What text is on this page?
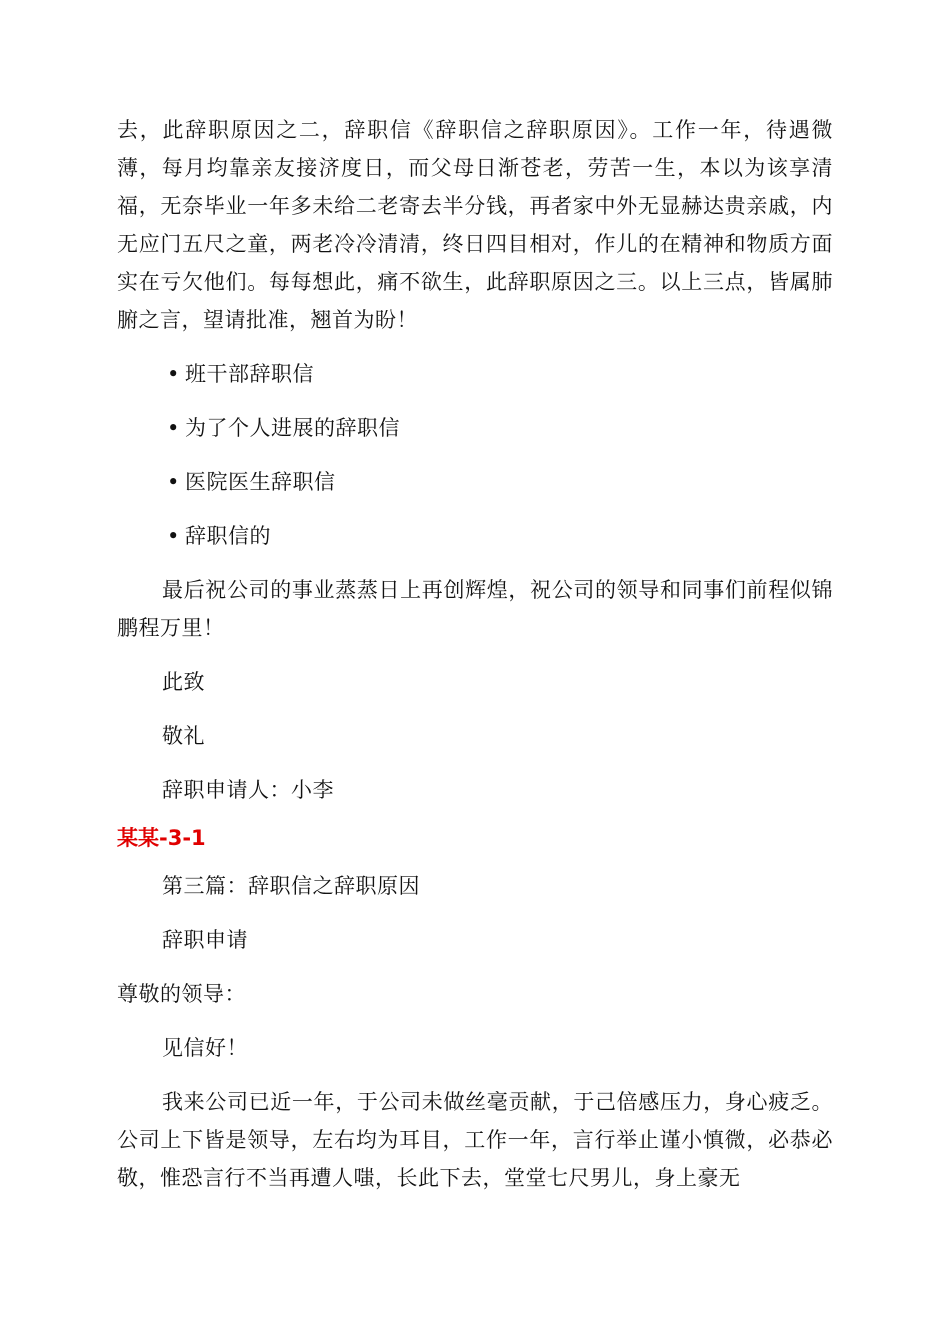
去，此辞职原因之二，辞职信《辞职信之辞职原因》。工作一年，待遇微薄，每月均靠亲友接济度日，而父母日渐苍老，劳苦一生，本以为该享清福，无奈毕业一年多未给二老寄去半分钱，再者家中外无显赫达贵亲戚，内无应门五尺之童，两老冷冷清清，终日四目相对，作儿的在精神和物质方面实在亏欠他们。每每想此，痛不欲生，此辞职原因之三。以上三点，皆属肺腑之言，望请批准，翘首为盼！

• 班干部辞职信

• 为了个人进展的辞职信

• 医院医生辞职信

• 辞职信的

最后祝公司的事业蒸蒸日上再创辉煌，祝公司的领导和同事们前程似锦鹏程万里！

此致

敬礼

辞职申请人：小李

某某-3-1

第三篇：辞职信之辞职原因

辞职申请

尊敬的领导：

见信好！

我来公司已近一年，于公司未做丝毫贡献，于己倍感压力，身心疲乏。公司上下皆是领导，左右均为耳目，工作一年，言行举止谨小慎微，必恭必敬，惟恐言行不当再遭人嗤，长此下去，堂堂七尺男儿，身上豪无
